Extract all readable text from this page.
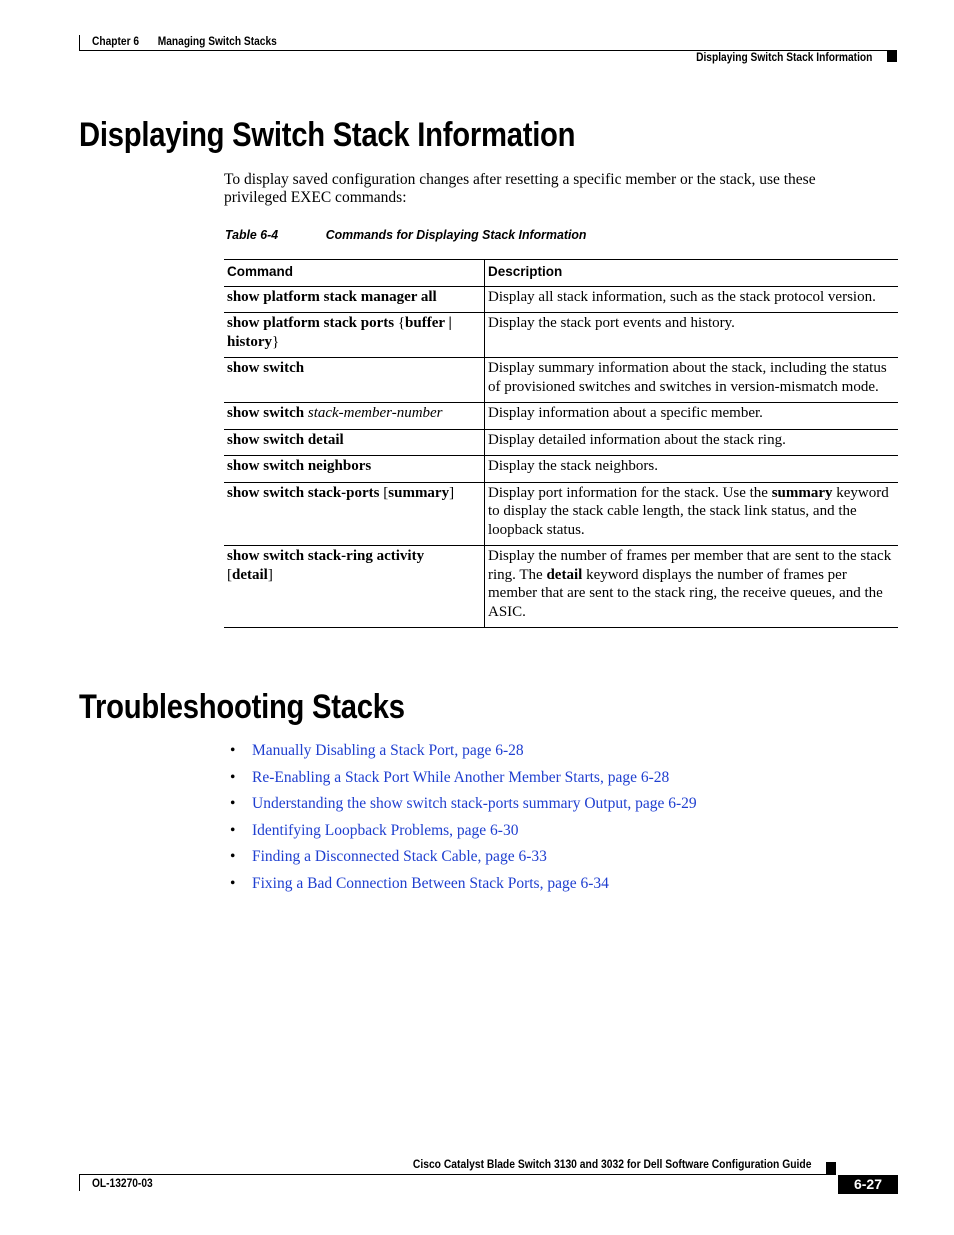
Chapter 6 Managing Switch Stacks
Displaying Switch Stack Information
Displaying Switch Stack Information
To display saved configuration changes after resetting a specific member or the stack, use these privileged EXEC commands:
Table 6-4	Commands for Displaying Stack Information
Command	Description
show platform stack manager all	Display all stack information, such as the stack protocol version.
show platform stack ports {buffer | history}	Display the stack port events and history.
show switch	Display summary information about the stack, including the status of provisioned switches and switches in version-mismatch mode.
show switch stack-member-number	Display information about a specific member.
show switch detail	Display detailed information about the stack ring.
show switch neighbors	Display the stack neighbors.
show switch stack-ports [summary]	Display port information for the stack. Use the summary keyword to display the stack cable length, the stack link status, and the loopback status.
show switch stack-ring activity
[detail]	Display the number of frames per member that are sent to the stack ring. The detail keyword displays the number of frames per member that are sent to the stack ring, the receive queues, and the ASIC.
Troubleshooting Stacks
• Manually Disabling a Stack Port, page 6-28
• Re-Enabling a Stack Port While Another Member Starts, page 6-28
• Understanding the show switch stack-ports summary Output, page 6-29
• Identifying Loopback Problems, page 6-30
• Finding a Disconnected Stack Cable, page 6-33
• Fixing a Bad Connection Between Stack Ports, page 6-34
Cisco Catalyst Blade Switch 3130 and 3032 for Dell Software Configuration Guide
OL-13270-03	6-27
